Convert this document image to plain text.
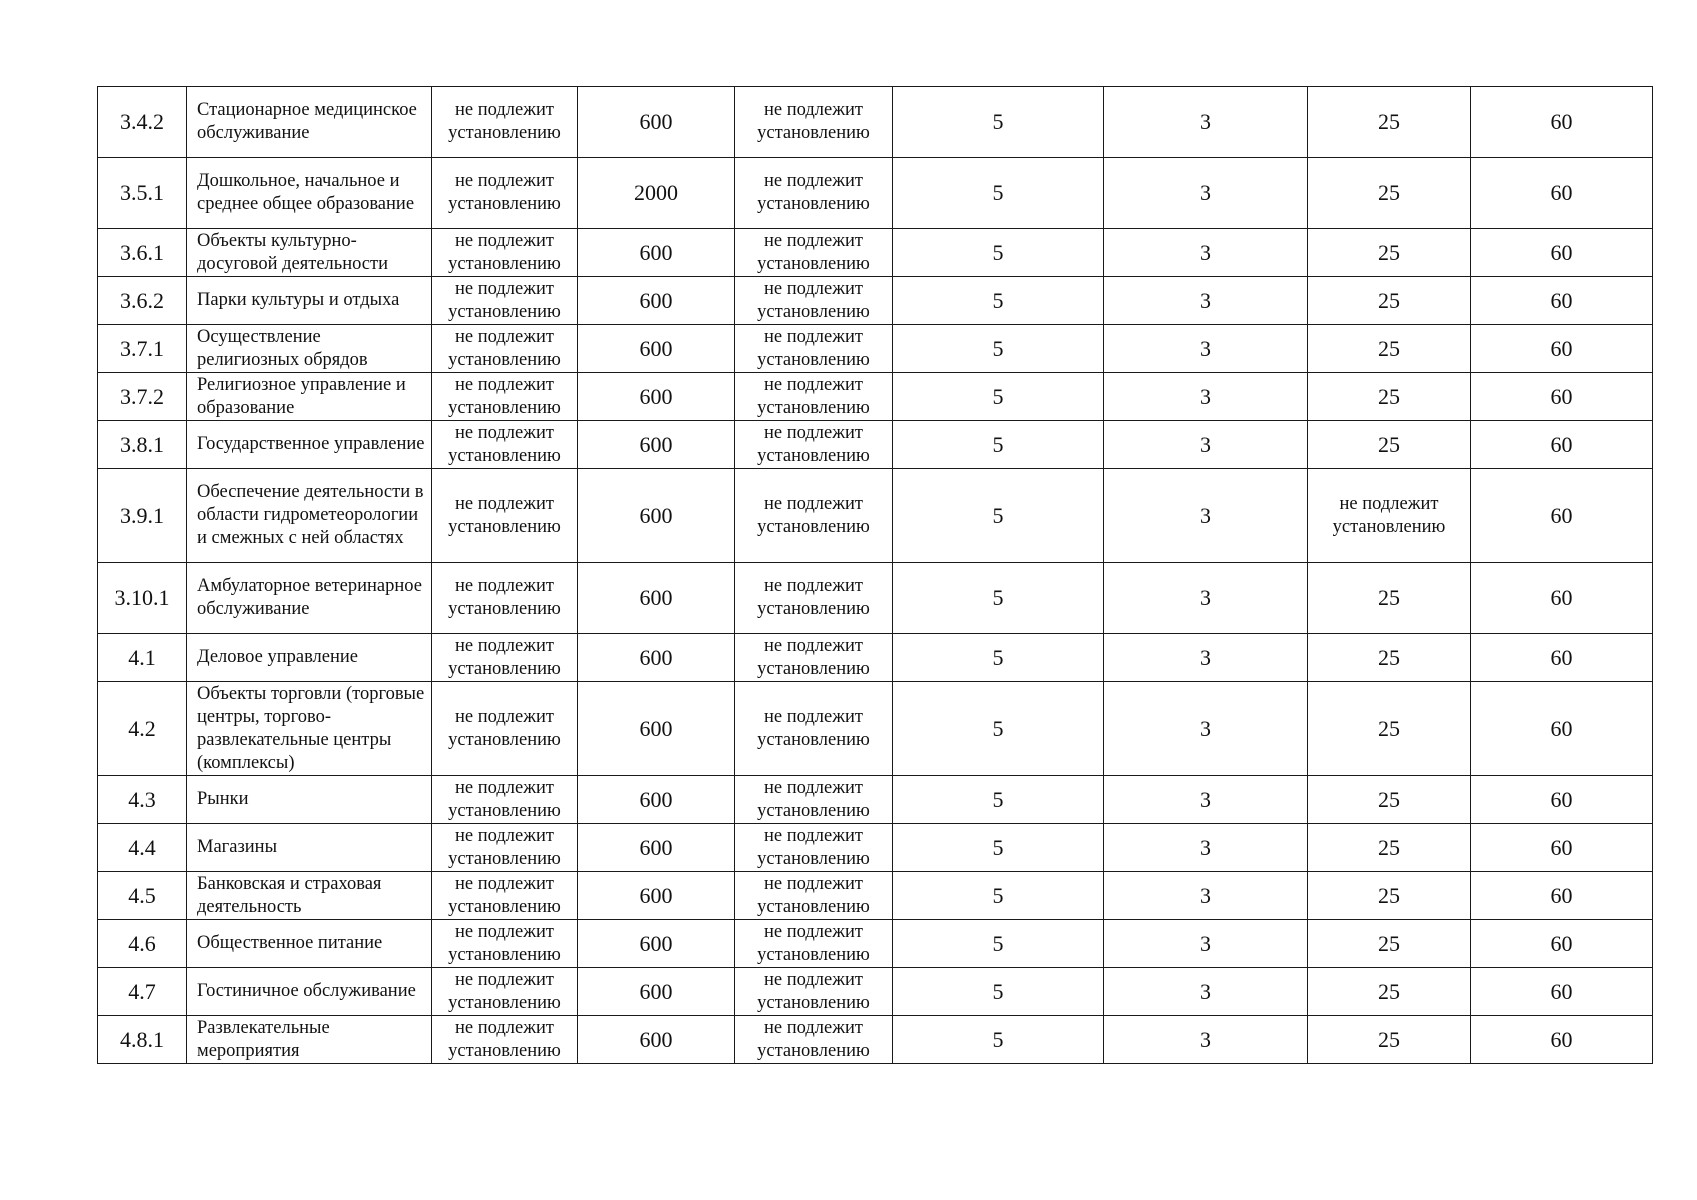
3.4.2	Стационарное медицинское обслуживание	не подлежит установлению	600	не подлежит установлению	5	3	25	60
3.5.1	Дошкольное, начальное и среднее общее образование	не подлежит установлению	2000	не подлежит установлению	5	3	25	60
3.6.1	Объекты культурно-досуговой деятельности	не подлежит установлению	600	не подлежит установлению	5	3	25	60
3.6.2	Парки культуры и отдыха	не подлежит установлению	600	не подлежит установлению	5	3	25	60
3.7.1	Осуществление религиозных обрядов	не подлежит установлению	600	не подлежит установлению	5	3	25	60
3.7.2	Религиозное управление и образование	не подлежит установлению	600	не подлежит установлению	5	3	25	60
3.8.1	Государственное управление	не подлежит установлению	600	не подлежит установлению	5	3	25	60
3.9.1	Обеспечение деятельности в области гидрометеорологии и смежных с ней областях	не подлежит установлению	600	не подлежит установлению	5	3	не подлежит установлению	60
3.10.1	Амбулаторное ветеринарное обслуживание	не подлежит установлению	600	не подлежит установлению	5	3	25	60
4.1	Деловое управление	не подлежит установлению	600	не подлежит установлению	5	3	25	60
4.2	Объекты торговли (торговые центры, торгово-развлекательные центры (комплексы)	не подлежит установлению	600	не подлежит установлению	5	3	25	60
4.3	Рынки	не подлежит установлению	600	не подлежит установлению	5	3	25	60
4.4	Магазины	не подлежит установлению	600	не подлежит установлению	5	3	25	60
4.5	Банковская и страховая деятельность	не подлежит установлению	600	не подлежит установлению	5	3	25	60
4.6	Общественное питание	не подлежит установлению	600	не подлежит установлению	5	3	25	60
4.7	Гостиничное обслуживание	не подлежит установлению	600	не подлежит установлению	5	3	25	60
4.8.1	Развлекательные мероприятия	не подлежит установлению	600	не подлежит установлению	5	3	25	60
